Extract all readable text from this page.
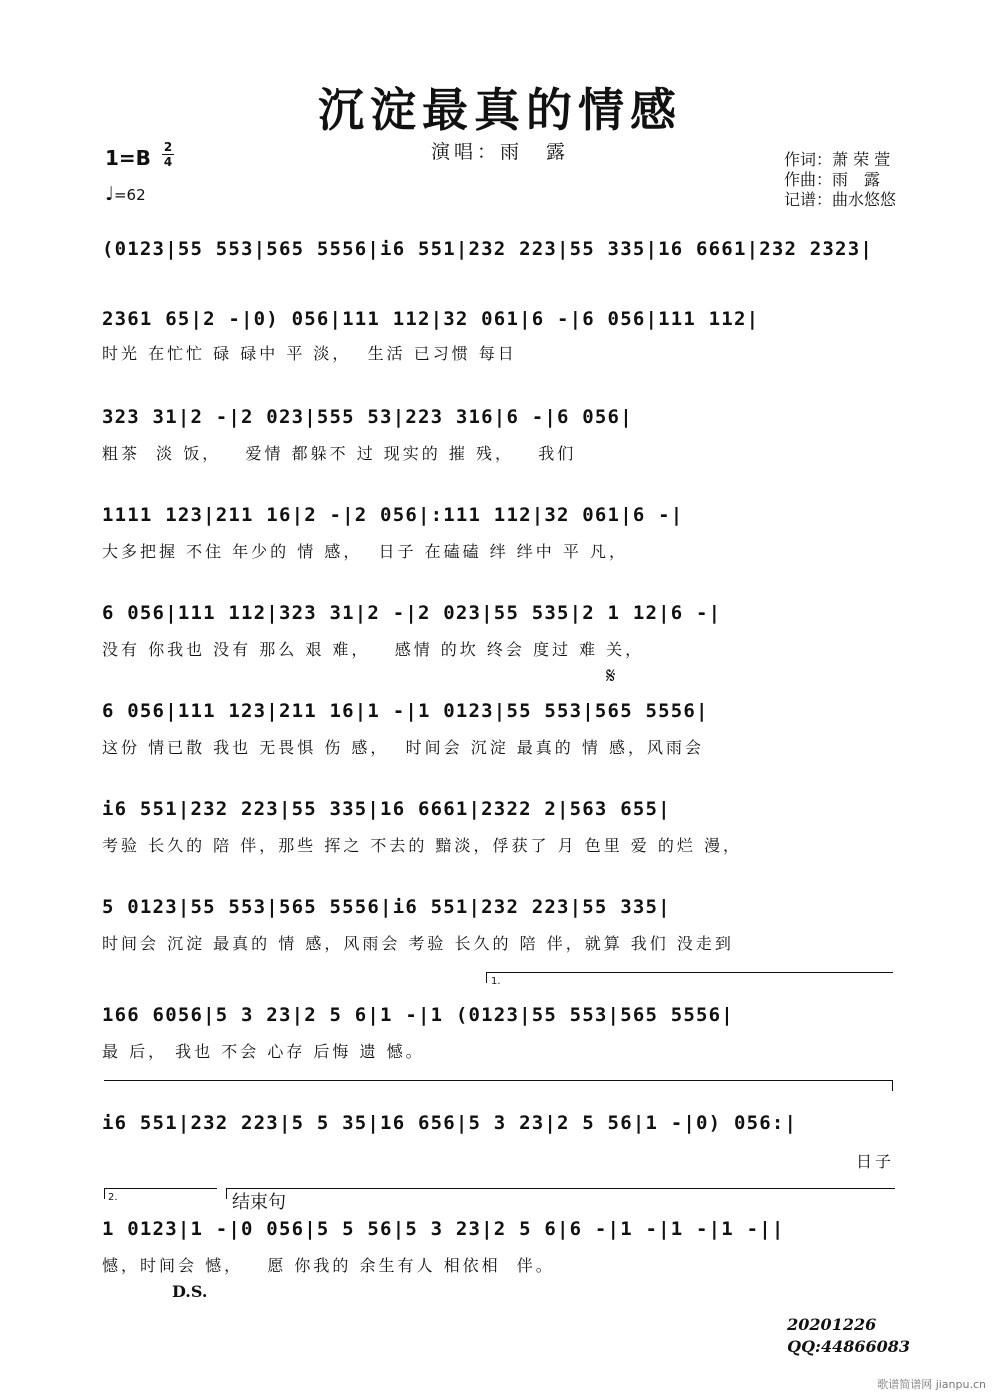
沉淀最真的情感
演唱：雨　露
1=B 2
4
♩=62
作词：萧 荣 萱
作曲：雨　露
记谱：曲水悠悠
(0123|55 553|565 5556|i6 551|232 223|55 335|16 6661|232 2323|
2361 65|2 -|0) 056|111 112|32 061|6 -|6 056|111 112|
时光 在忙忙 碌 碌中 平 淡，  生活 已习惯 每日
323 31|2 -|2 023|555 53|223 316|6 -|6 056|
粗茶  淡 饭，   爱情 都躲不 过 现实的 摧 残，   我们
1111 123|211 16|2 -|2 056|:111 112|32 061|6 -|
大多把握 不住 年少的 情 感，  日子 在磕磕 绊 绊中 平 凡，
6 056|111 112|323 31|2 -|2 023|55 535|2 1 12|6 -|
没有 你我也 没有 那么 艰 难，   感情 的坎 终会 度过 难 关，
𝄋
6 056|111 123|211 16|1 -|1 0123|55 553|565 5556|
这份 情已散 我也 无畏惧 伤 感，  时间会 沉淀 最真的 情 感，风雨会
i6 551|232 223|55 335|16 6661|2322 2|563 655|
考验 长久的 陪 伴，那些 挥之 不去的 黯淡，俘获了 月 色里 爱 的烂 漫，
5 0123|55 553|565 5556|i6 551|232 223|55 335|
时间会 沉淀 最真的 情 感，风雨会 考验 长久的 陪 伴，就算 我们 没走到
1.
166 6056|5 3 23|2 5 6|1 -|1 (0123|55 553|565 5556|
最 后， 我也 不会 心存 后悔 遗 憾。
i6 551|232 223|5 5 35|16 656|5 3 23|2 5 56|1 -|0) 056:|
日子
2.	结束句
1 0123|1 -|0 056|5 5 56|5 3 23|2 5 6|6 -|1 -|1 -|1 -||
憾，时间会 憾，   愿 你我的 余生有人 相依相  伴。
D.S.
20201226
QQ:44866083
歌谱简谱网 jianpu.cn
